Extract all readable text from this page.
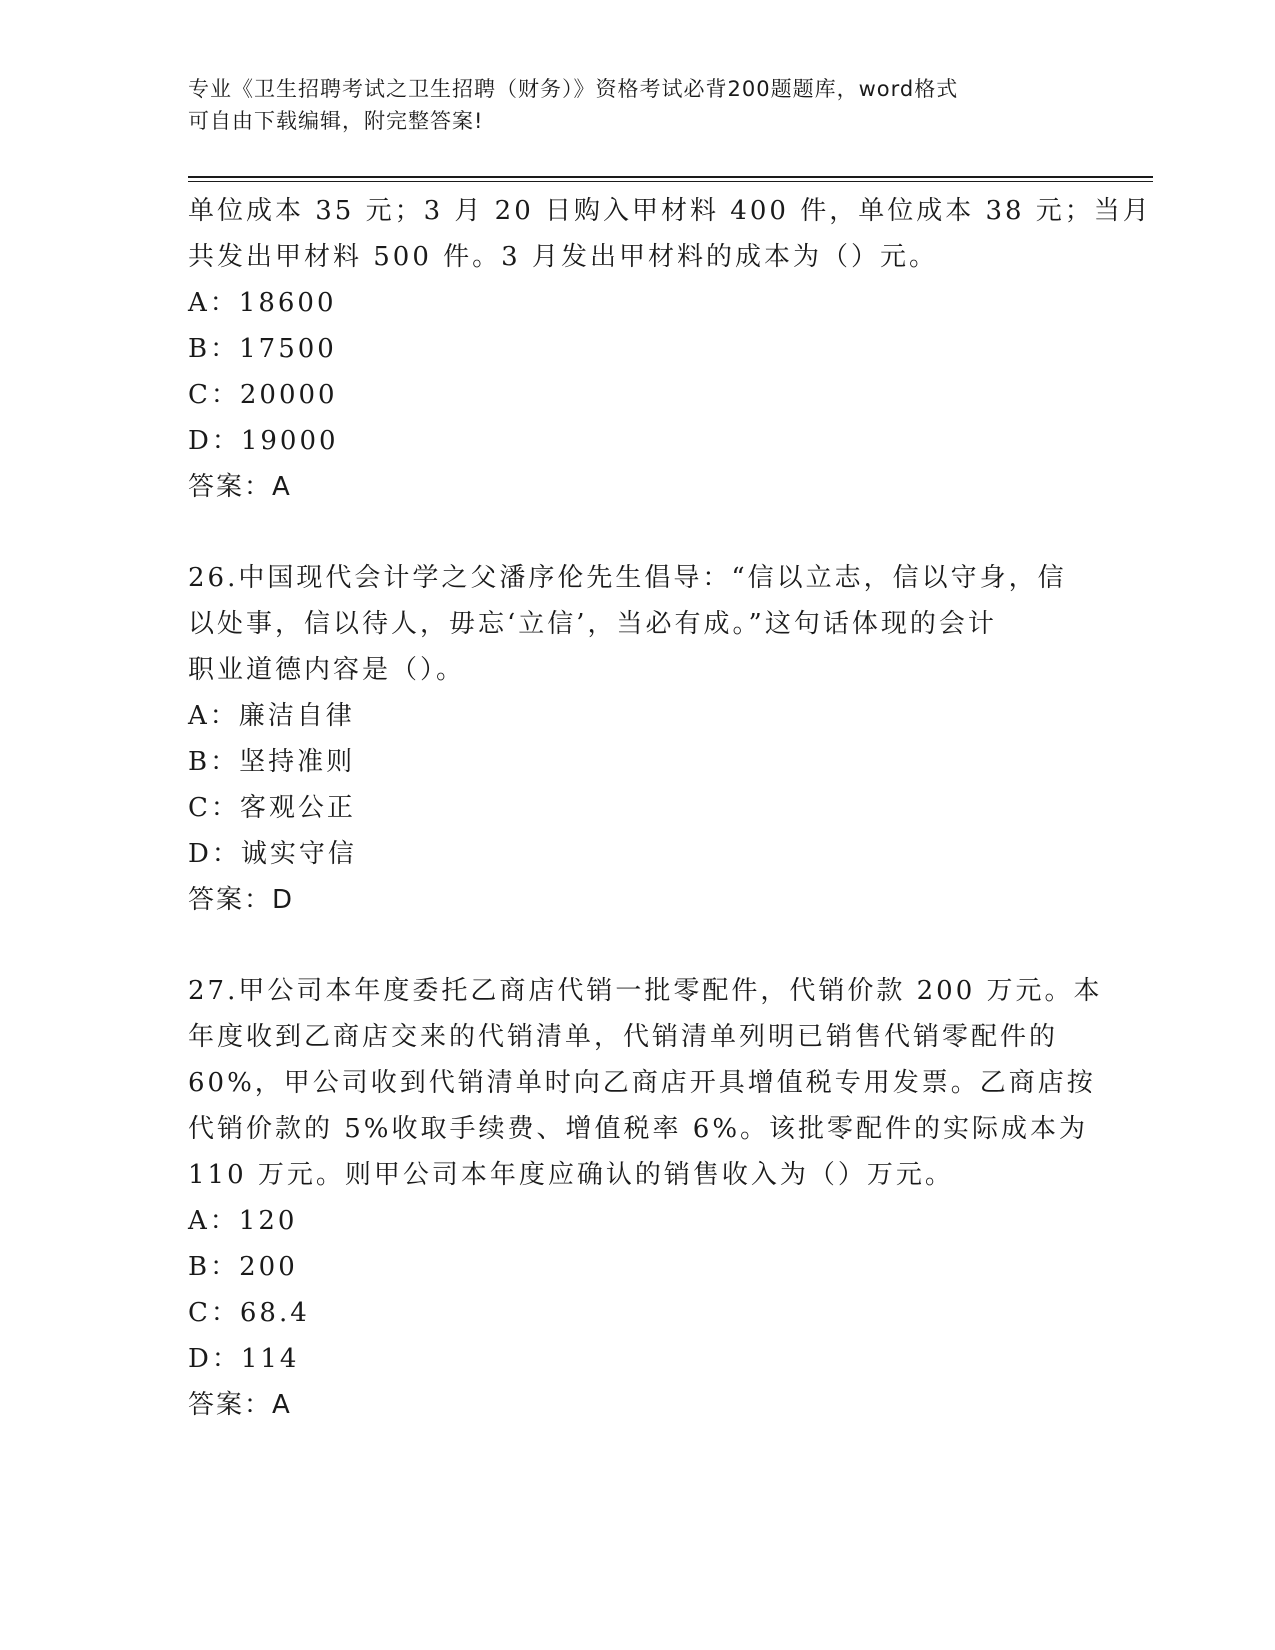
专业《卫生招聘考试之卫生招聘（财务）》资格考试必背200题题库，word格式
可自由下载编辑，附完整答案!
单位成本 35 元；3 月 20 日购入甲材料 400 件，单位成本 38 元；当月
共发出甲材料 500 件。3 月发出甲材料的成本为（）元。
A：18600
B：17500
C：20000
D：19000
答案：A
26.中国现代会计学之父潘序伦先生倡导：“信以立志，信以守身，信
以处事，信以待人，毋忘‘立信’，当必有成。”这句话体现的会计
职业道德内容是（）。
A：廉洁自律
B：坚持准则
C：客观公正
D：诚实守信
答案：D
27.甲公司本年度委托乙商店代销一批零配件，代销价款 200 万元。本
年度收到乙商店交来的代销清单，代销清单列明已销售代销零配件的
60%，甲公司收到代销清单时向乙商店开具增值税专用发票。乙商店按
代销价款的 5%收取手续费、增值税率 6%。该批零配件的实际成本为
110 万元。则甲公司本年度应确认的销售收入为（）万元。
A：120
B：200
C：68.4
D：114
答案：A
